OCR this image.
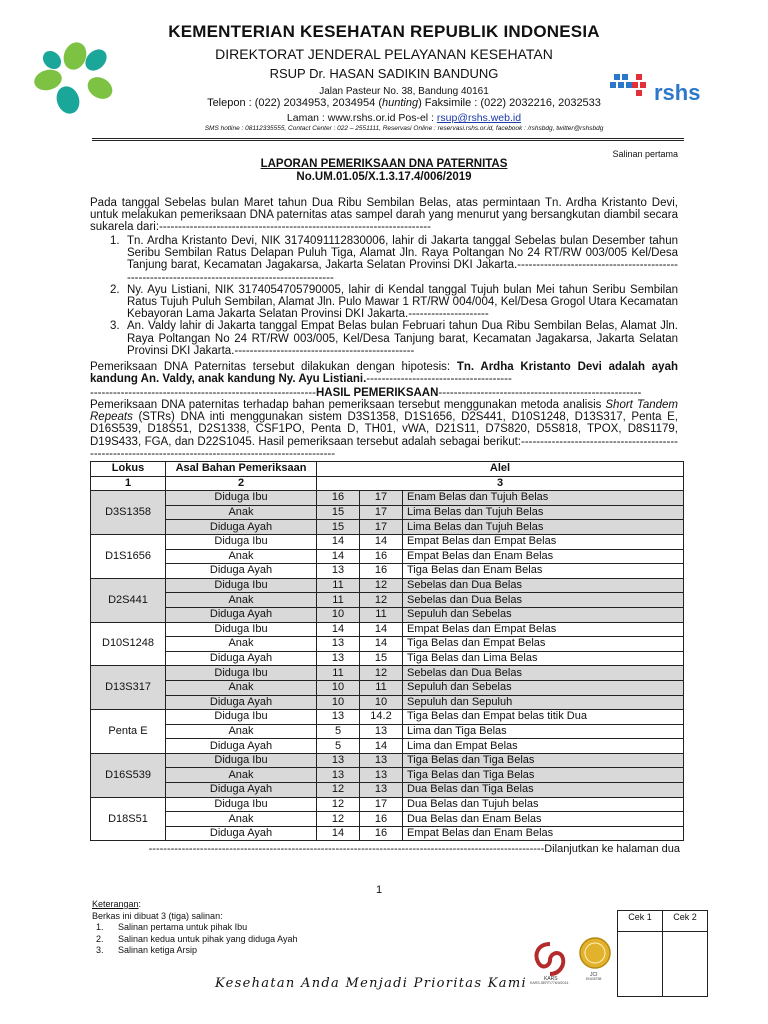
KEMENTERIAN KESEHATAN REPUBLIK INDONESIA
DIREKTORAT JENDERAL PELAYANAN KESEHATAN
RSUP Dr. HASAN SADIKIN BANDUNG
Jalan Pasteur No. 38, Bandung 40161
Telepon : (022) 2034953, 2034954 (hunting) Faksimile : (022) 2032216, 2032533
Laman : www.rshs.or.id Pos-el : rsup@rshs.web.id
SMS hotline : 08112335555, Contact Center : 022 – 2551111, Reservasi Online : reservasi.rshs.or.id, facebook : /rshsbdg, twitter@rshsbdg
rshs
Salinan pertama
LAPORAN PEMERIKSAAN DNA PATERNITAS
No.UM.01.05/X.1.3.17.4/006/2019
Pada tanggal Sebelas bulan Maret tahun Dua Ribu Sembilan Belas, atas permintaan Tn. Ardha Kristanto Devi, untuk melakukan pemeriksaan DNA paternitas atas sampel darah yang menurut yang bersangkutan diambil secara sukarela dari:-----------------------------------------------------------------------
1. Tn. Ardha Kristanto Devi, NIK 3174091112830006, lahir di Jakarta tanggal Sebelas bulan Desember tahun Seribu Sembilan Ratus Delapan Puluh Tiga, Alamat Jln. Raya Poltangan No 24 RT/RW 003/005 Kel/Desa Tanjung barat, Kecamatan Jagakarsa, Jakarta Selatan Provinsi DKI Jakarta.------------------------------------------------------------------------------------------------
2. Ny. Ayu Listiani, NIK 3174054705790005, lahir di Kendal tanggal Tujuh bulan Mei tahun Seribu Sembilan Ratus Tujuh Puluh Sembilan, Alamat Jln. Pulo Mawar 1 RT/RW 004/004, Kel/Desa Grogol Utara Kecamatan Kebayoran Lama Jakarta Selatan Provinsi DKI Jakarta.---------------------
3. An. Valdy lahir di Jakarta tanggal Empat Belas bulan Februari tahun Dua Ribu Sembilan Belas, Alamat Jln. Raya Poltangan No 24 RT/RW 003/005, Kel/Desa Tanjung barat, Kecamatan Jagakarsa, Jakarta Selatan Provinsi DKI Jakarta.-----------------------------------------------
Pemeriksaan DNA Paternitas tersebut dilakukan dengan hipotesis: Tn. Ardha Kristanto Devi adalah ayah kandung An. Valdy, anak kandung Ny. Ayu Listiani.--------------------------------------
-----------------------------------------------------------HASIL PEMERIKSAAN-----------------------------------------------------
Pemeriksaan DNA paternitas terhadap bahan pemeriksaan tersebut menggunakan metoda analisis Short Tandem Repeats (STRs) DNA inti menggunakan sistem D3S1358, D1S1656, D2S441, D10S1248, D13S317, Penta E, D16S539, D18S51, D2S1338, CSF1PO, Penta D, TH01, vWA, D21S11, D7S820, D5S818, TPOX, D8S1179, D19S433, FGA, dan D22S1045. Hasil pemeriksaan tersebut adalah sebagai berikut:---------------------------------------------------------------------------------------------------------
Lokus	Asal Bahan Pemeriksaan	Alel		
1	2	3		
D3S1358	Diduga Ibu	16	17	Enam Belas dan Tujuh Belas
	Anak	15	17	Lima Belas dan Tujuh Belas
	Diduga Ayah	15	17	Lima Belas dan Tujuh Belas
D1S1656	Diduga Ibu	14	14	Empat Belas dan Empat Belas
	Anak	14	16	Empat Belas dan Enam Belas
	Diduga Ayah	13	16	Tiga Belas dan Enam Belas
D2S441	Diduga Ibu	11	12	Sebelas dan Dua Belas
	Anak	11	12	Sebelas dan Dua Belas
	Diduga Ayah	10	11	Sepuluh dan Sebelas
D10S1248	Diduga Ibu	14	14	Empat Belas dan Empat Belas
	Anak	13	14	Tiga Belas dan Empat Belas
	Diduga Ayah	13	15	Tiga Belas dan Lima Belas
D13S317	Diduga Ibu	11	12	Sebelas dan Dua Belas
	Anak	10	11	Sepuluh dan Sebelas
	Diduga Ayah	10	10	Sepuluh dan Sepuluh
Penta E	Diduga Ibu	13	14.2	Tiga Belas dan Empat belas titik Dua
	Anak	5	13	Lima dan Tiga Belas
	Diduga Ayah	5	14	Lima dan Empat Belas
D16S539	Diduga Ibu	13	13	Tiga Belas dan Tiga Belas
	Anak	13	13	Tiga Belas dan Tiga Belas
	Diduga Ayah	12	13	Dua Belas dan Tiga Belas
D18S51	Diduga Ibu	12	17	Dua Belas dan Tujuh belas
	Anak	12	16	Dua Belas dan Enam Belas
	Diduga Ayah	14	16	Empat Belas dan Enam Belas
------------------------------------------------------------------------------------------------------------Dilanjutkan ke halaman dua
1
Keterangan:
Berkas ini dibuat 3 (tiga) salinan:
1. Salinan pertama untuk pihak Ibu
2. Salinan kedua untuk pihak yang diduga Ayah
3. Salinan ketiga Arsip
Cek 1	Cek 2

KARS
KARS-SERT/776/II/2014
JCI
ENG8798
Kesehatan Anda Menjadi Prioritas Kami
